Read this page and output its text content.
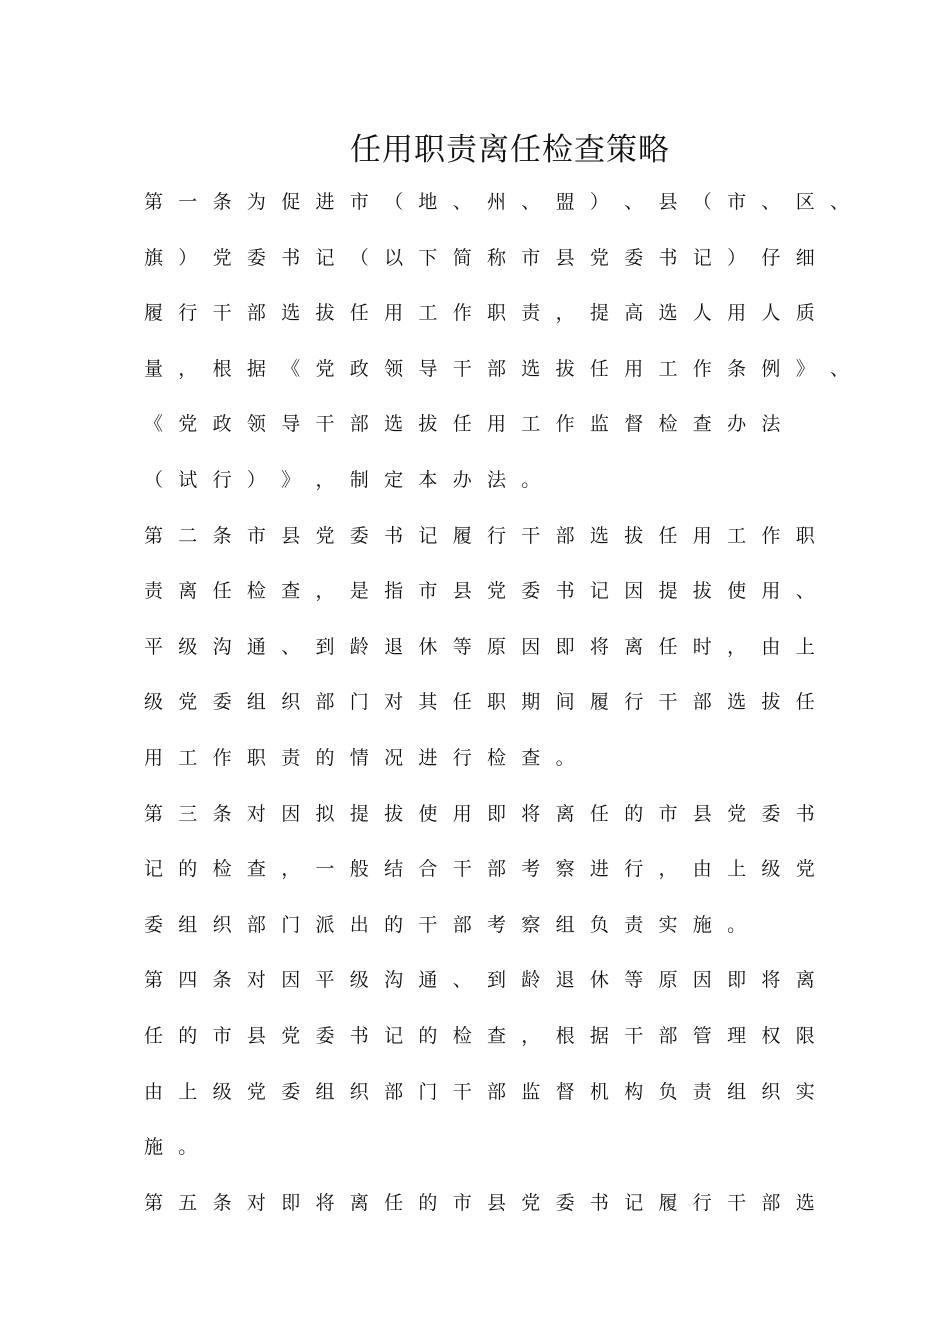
任用职责离任检查策略
第 一 条 为 促 进 市 （ 地 、 州 、 盟 ） 、 县 （ 市 、 区 、
旗 ） 党 委 书 记 （ 以 下 简 称 市 县 党 委 书 记 ） 仔 细
履 行 干 部 选 拔 任 用 工 作 职 责 ， 提 高 选 人 用 人 质
量 ， 根 据 《 党 政 领 导 干 部 选 拔 任 用 工 作 条 例 》 、
《 党 政 领 导 干 部 选 拔 任 用 工 作 监 督 检 查 办 法
（ 试 行 ） 》 ， 制 定 本 办 法 。
第 二 条 市 县 党 委 书 记 履 行 干 部 选 拔 任 用 工 作 职
责 离 任 检 查 ， 是 指 市 县 党 委 书 记 因 提 拔 使 用 、
平 级 沟 通 、 到 龄 退 休 等 原 因 即 将 离 任 时 ， 由 上
级 党 委 组 织 部 门 对 其 任 职 期 间 履 行 干 部 选 拔 任
用 工 作 职 责 的 情 况 进 行 检 查 。
第 三 条 对 因 拟 提 拔 使 用 即 将 离 任 的 市 县 党 委 书
记 的 检 查 ， 一 般 结 合 干 部 考 察 进 行 ， 由 上 级 党
委 组 织 部 门 派 出 的 干 部 考 察 组 负 责 实 施 。
第 四 条 对 因 平 级 沟 通 、 到 龄 退 休 等 原 因 即 将 离
任 的 市 县 党 委 书 记 的 检 查 ， 根 据 干 部 管 理 权 限
由 上 级 党 委 组 织 部 门 干 部 监 督 机 构 负 责 组 织 实
施 。
第 五 条 对 即 将 离 任 的 市 县 党 委 书 记 履 行 干 部 选
